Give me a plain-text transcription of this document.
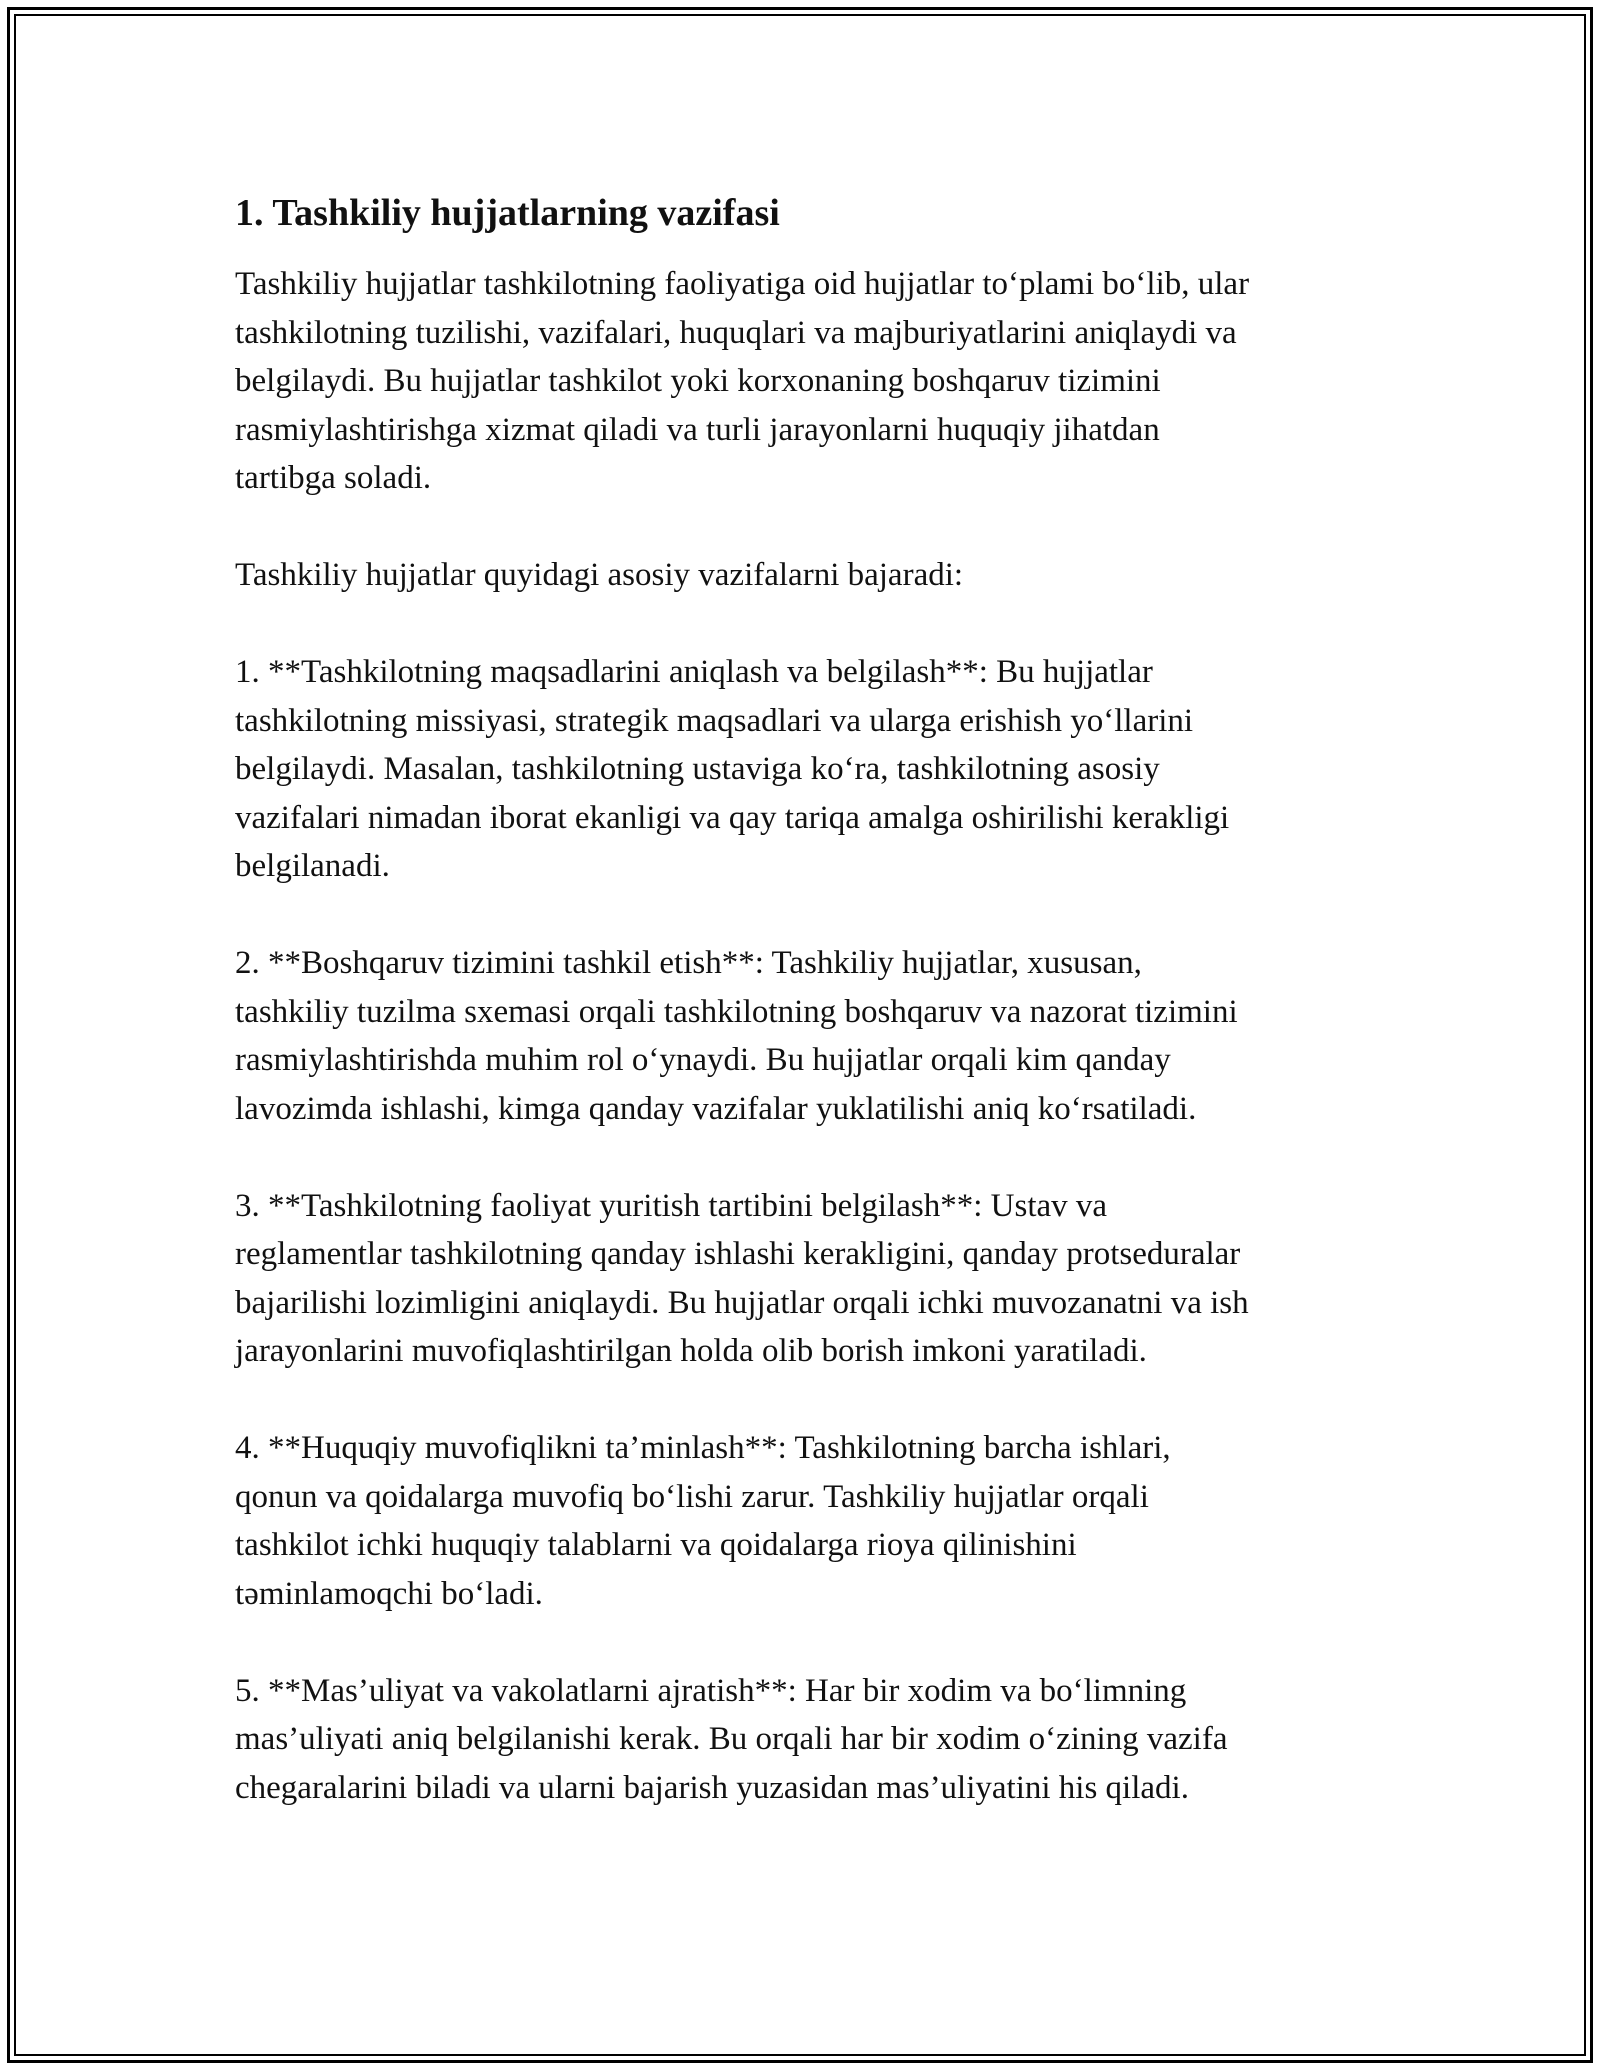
1. Tashkiliy hujjatlarning vazifasi

Tashkiliy hujjatlar tashkilotning faoliyatiga oid hujjatlar to‘plami bo‘lib, ular
tashkilotning tuzilishi, vazifalari, huquqlari va majburiyatlarini aniqlaydi va
belgilaydi. Bu hujjatlar tashkilot yoki korxonaning boshqaruv tizimini
rasmiylashtirishga xizmat qiladi va turli jarayonlarni huquqiy jihatdan
tartibga soladi.

Tashkiliy hujjatlar quyidagi asosiy vazifalarni bajaradi:

1. **Tashkilotning maqsadlarini aniqlash va belgilash**: Bu hujjatlar
tashkilotning missiyasi, strategik maqsadlari va ularga erishish yo‘llarini
belgilaydi. Masalan, tashkilotning ustaviga ko‘ra, tashkilotning asosiy
vazifalari nimadan iborat ekanligi va qay tariqa amalga oshirilishi kerakligi
belgilanadi.

2. **Boshqaruv tizimini tashkil etish**: Tashkiliy hujjatlar, xususan,
tashkiliy tuzilma sxemasi orqali tashkilotning boshqaruv va nazorat tizimini
rasmiylashtirishda muhim rol o‘ynaydi. Bu hujjatlar orqali kim qanday
lavozimda ishlashi, kimga qanday vazifalar yuklatilishi aniq ko‘rsatiladi.

3. **Tashkilotning faoliyat yuritish tartibini belgilash**: Ustav va
reglamentlar tashkilotning qanday ishlashi kerakligini, qanday protseduralar
bajarilishi lozimligini aniqlaydi. Bu hujjatlar orqali ichki muvozanatni va ish
jarayonlarini muvofiqlashtirilgan holda olib borish imkoni yaratiladi.

4. **Huquqiy muvofiqlikni ta’minlash**: Tashkilotning barcha ishlari,
qonun va qoidalarga muvofiq bo‘lishi zarur. Tashkiliy hujjatlar orqali
tashkilot ichki huquqiy talablarni va qoidalarga rioya qilinishini
təminlamoqchi bo‘ladi.

5. **Mas’uliyat va vakolatlarni ajratish**: Har bir xodim va bo‘limning
mas’uliyati aniq belgilanishi kerak. Bu orqali har bir xodim o‘zining vazifa
chegaralarini biladi va ularni bajarish yuzasidan mas’uliyatini his qiladi.
